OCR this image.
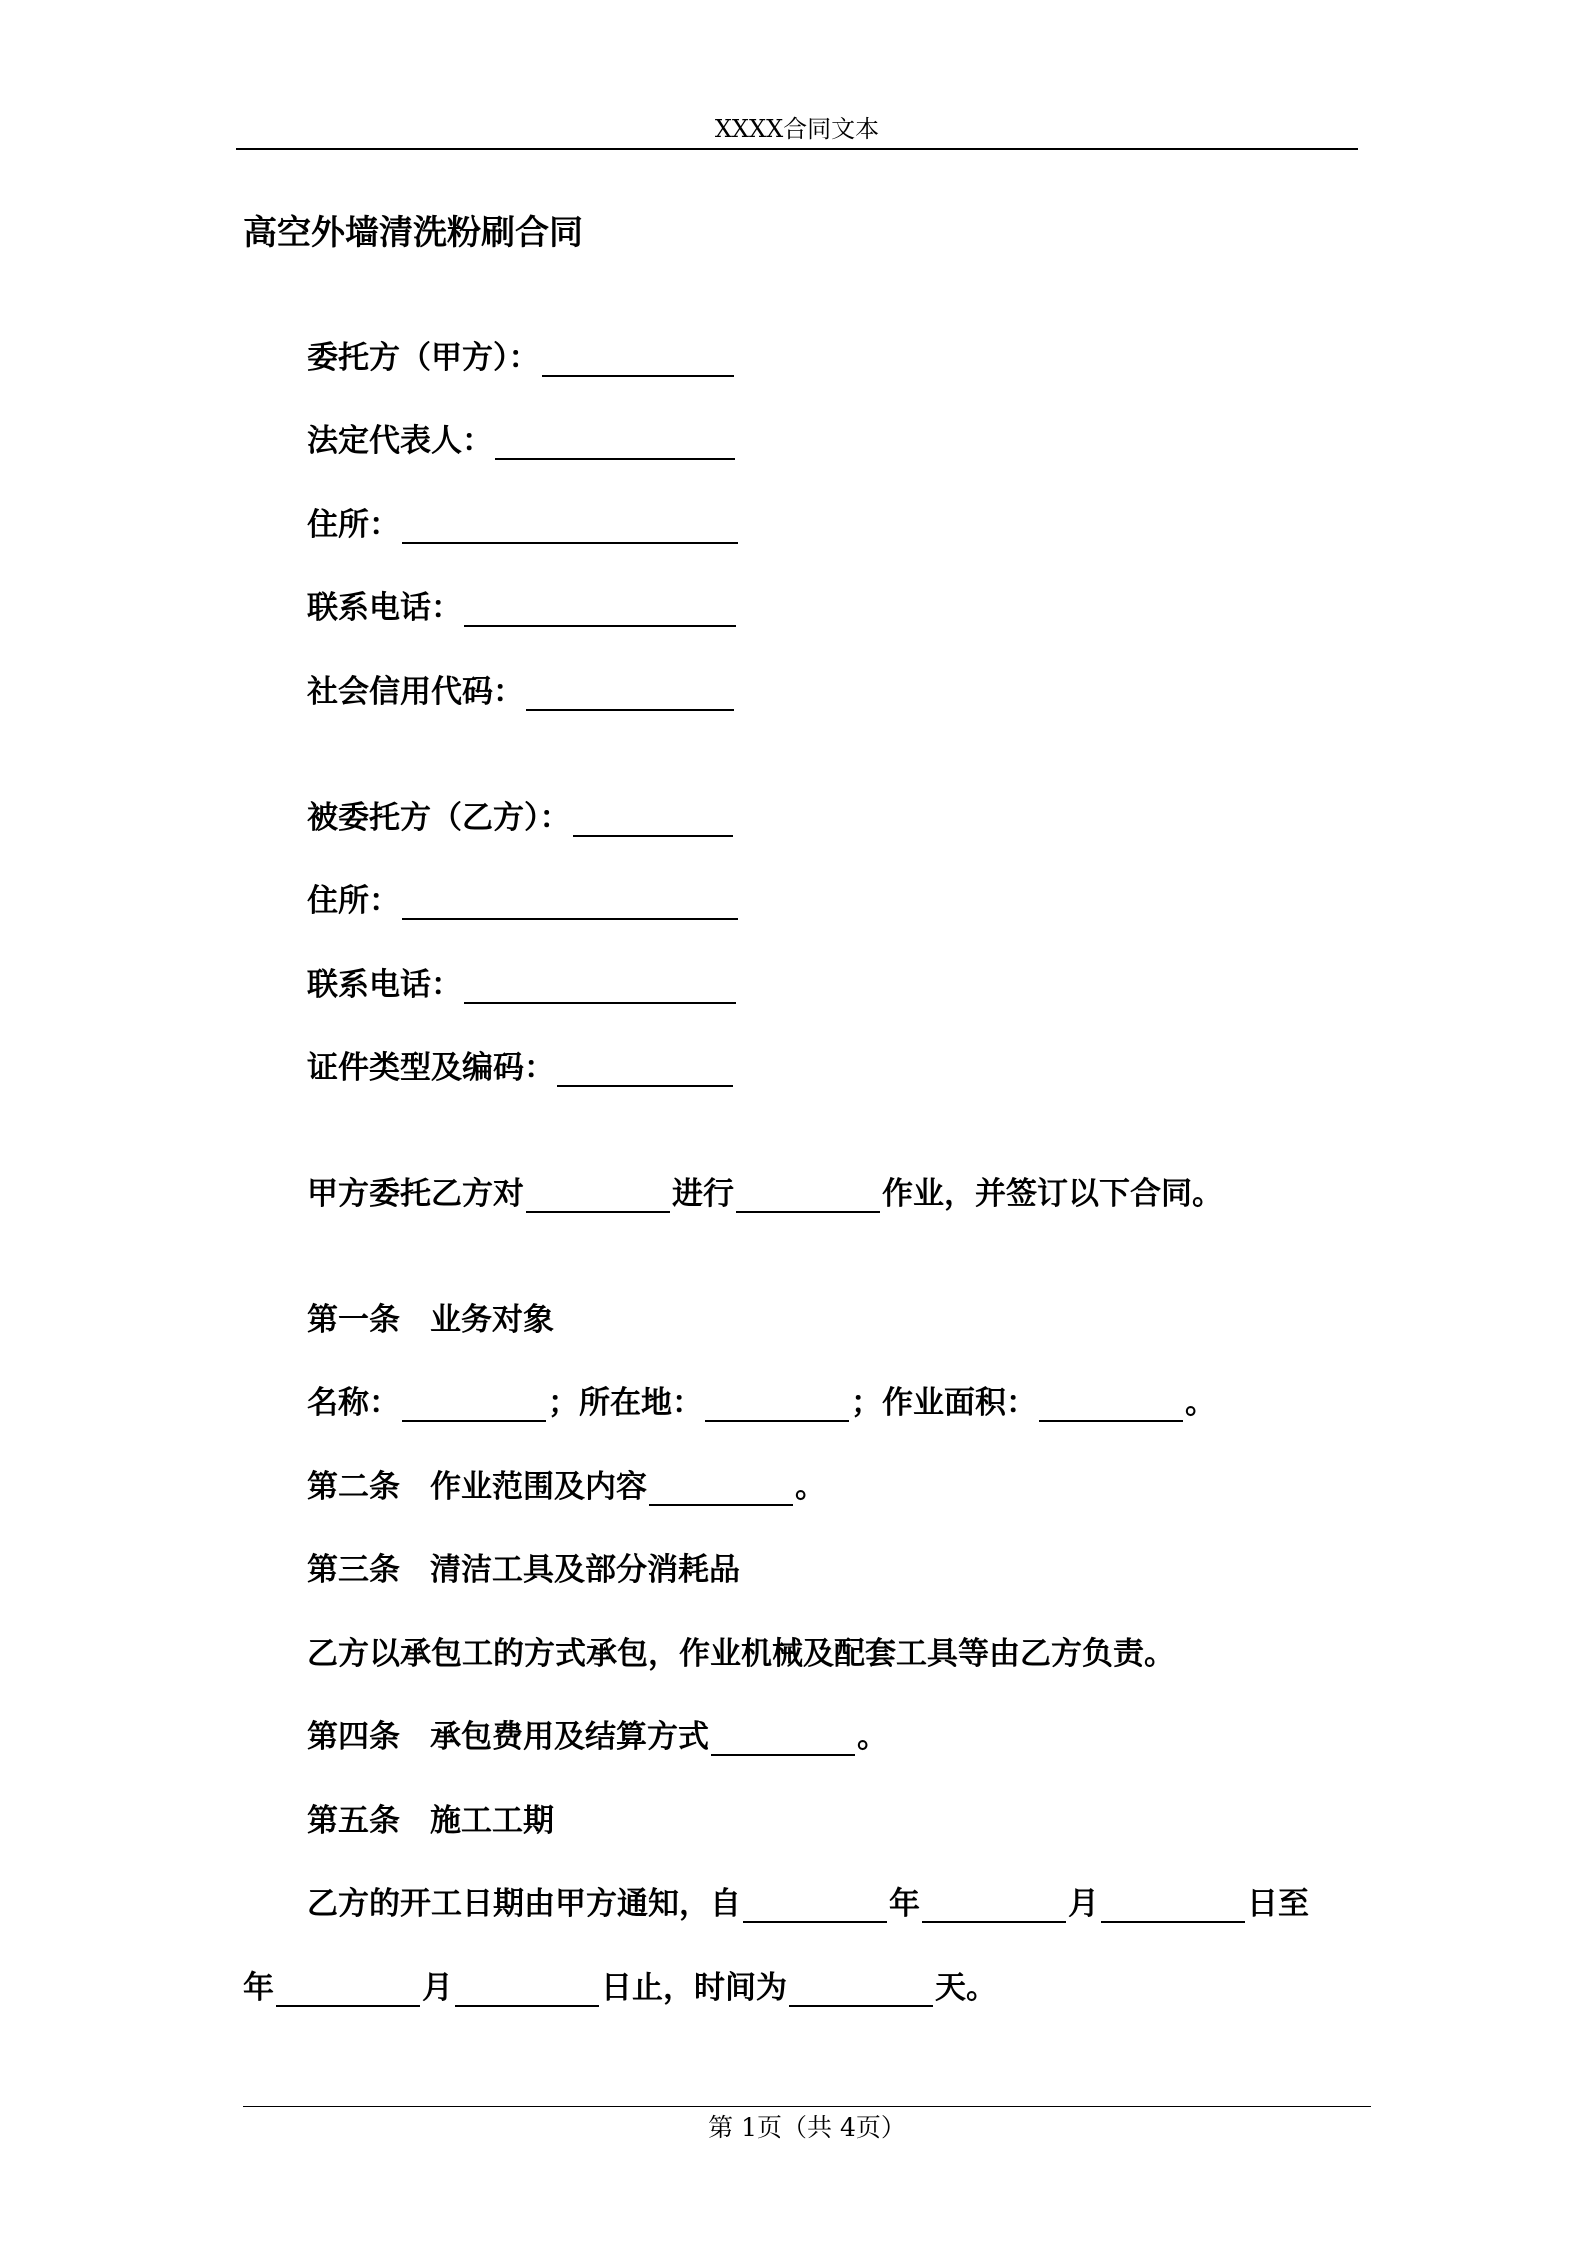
XXXX合同文本
高空外墙清洗粉刷合同
委托方（甲方）：
法定代表人：
住所：
联系电话：
社会信用代码：
被委托方（乙方）：
住所：
联系电话：
证件类型及编码：
甲方委托乙方对	进行	作业，并签订以下合同。
第一条 业务对象
名称：	；所在地：	；作业面积：	。
第二条 作业范围及内容	。
第三条 清洁工具及部分消耗品
乙方以承包工的方式承包，作业机械及配套工具等由乙方负责。
第四条 承包费用及结算方式	。
第五条 施工工期
乙方的开工日期由甲方通知，自	年	月	日至
年	月	日止，时间为	天。
第 1页（共 4页）
